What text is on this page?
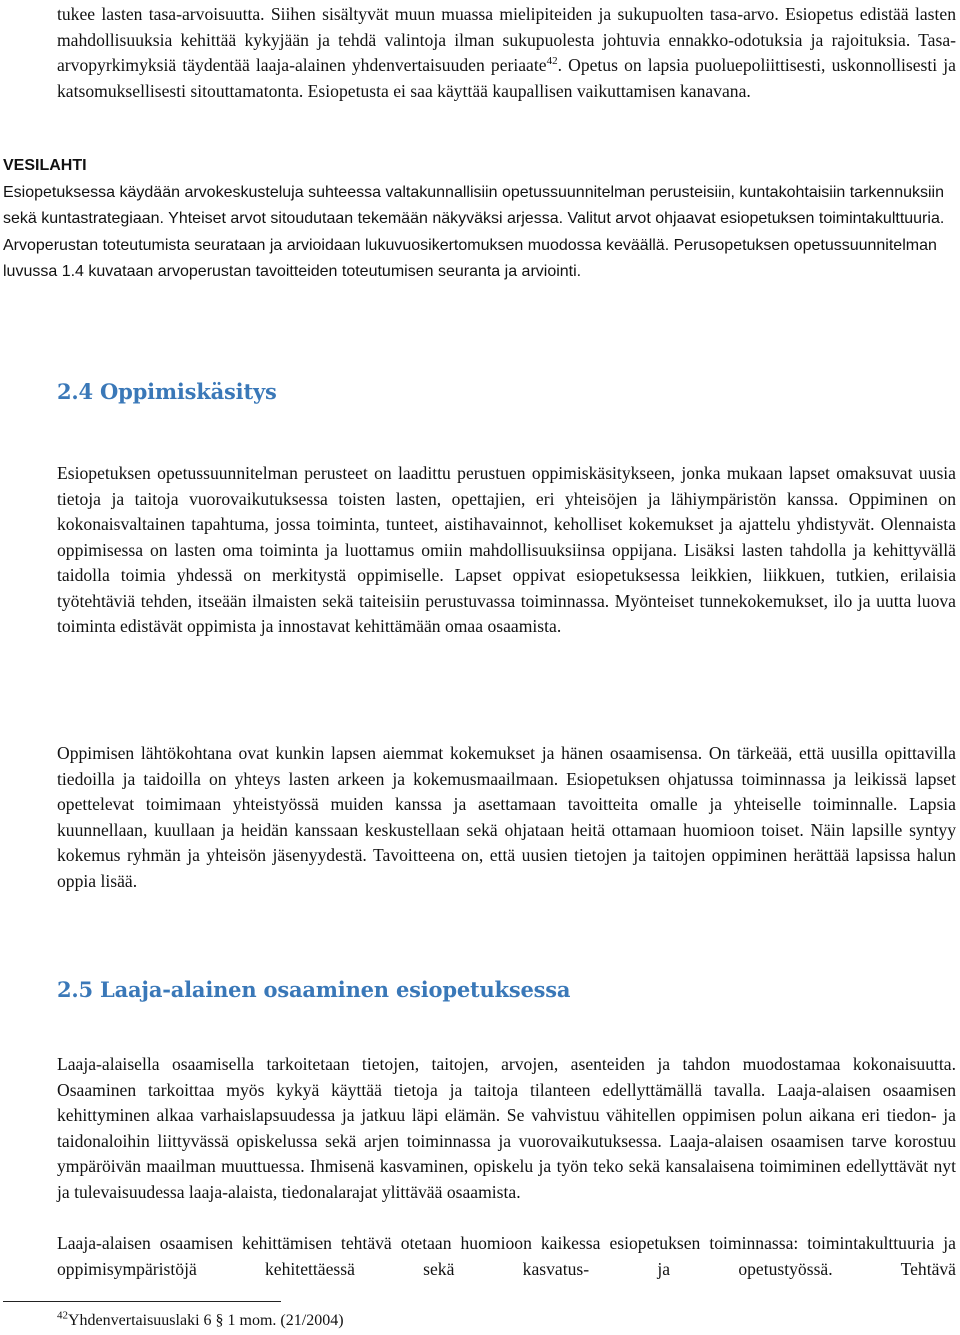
tukee lasten tasa-arvoisuutta. Siihen sisältyvät muun muassa mielipiteiden ja sukupuolten tasa-arvo. Esiopetus edistää lasten mahdollisuuksia kehittää kykyjään ja tehdä valintoja ilman sukupuolesta johtuvia ennakko-odotuksia ja rajoituksia. Tasa-arvopyrkimyksiä täydentää laaja-alainen yhdenvertaisuuden periaate$^{42}$. Opetus on lapsia puoluepoliittisesti, uskonnollisesti ja katsomuksellisesti sitouttamatonta. Esiopetusta ei saa käyttää kaupallisen vaikuttamisen kanavana.

VESILAHTI
Esiopetuksessa käydään arvokeskusteluja suhteessa valtakunnallisiin opetussuunnitelman perusteisiin, kuntakohtaisiin tarkennuksiin sekä kuntastrategiaan. Yhteiset arvot sitoudutaan tekemään näkyväksi arjessa. Valitut arvot ohjaavat esiopetuksen toimintakulttuuria. Arvoperustan toteutumista seurataan ja arvioidaan lukuvuosikertomuksen muodossa keväällä. Perusopetuksen opetussuunnitelman luvussa 1.4 kuvataan arvoperustan tavoitteiden toteutumisen seuranta ja arviointi.
2.4 Oppimiskäsitys

Esiopetuksen opetussuunnitelman perusteet on laadittu perustuen oppimiskäsitykseen, jonka mukaan lapset omaksuvat uusia tietoja ja taitoja vuorovaikutuksessa toisten lasten, opettajien, eri yhteisöjen ja lähiympäristön kanssa. Oppiminen on kokonaisvaltainen tapahtuma, jossa toiminta, tunteet, aistihavainnot, keholliset kokemukset ja ajattelu yhdistyvät. Olennaista oppimisessa on lasten oma toiminta ja luottamus omiin mahdollisuuksiinsa oppijana. Lisäksi lasten tahdolla ja kehittyvällä taidolla toimia yhdessä on merkitystä oppimiselle. Lapset oppivat esiopetuksessa leikkien, liikkuen, tutkien, erilaisia työtehtäviä tehden, itseään ilmaisten sekä taiteisiin perustuvassa toiminnassa. Myönteiset tunnekokemukset, ilo ja uutta luova toiminta edistävät oppimista ja innostavat kehittämään omaa osaamista.

Oppimisen lähtökohtana ovat kunkin lapsen aiemmat kokemukset ja hänen osaamisensa. On tärkeää, että uusilla opittavilla tiedoilla ja taidoilla on yhteys lasten arkeen ja kokemusmaailmaan. Esiopetuksen ohjatussa toiminnassa ja leikissä lapset opettelevat toimimaan yhteistyössä muiden kanssa ja asettamaan tavoitteita omalle ja yhteiselle toiminnalle. Lapsia kuunnellaan, kuullaan ja heidän kanssaan keskustellaan sekä ohjataan heitä ottamaan huomioon toiset. Näin lapsille syntyy kokemus ryhmän ja yhteisön jäsenyydestä. Tavoitteena on, että uusien tietojen ja taitojen oppiminen herättää lapsissa halun oppia lisää.

2.5 Laaja-alainen osaaminen esiopetuksessa

Laaja-alaisella osaamisella tarkoitetaan tietojen, taitojen, arvojen, asenteiden ja tahdon muodostamaa kokonaisuutta. Osaaminen tarkoittaa myös kykyä käyttää tietoja ja taitoja tilanteen edellyttämällä tavalla. Laaja-alaisen osaamisen kehittyminen alkaa varhaislapsuudessa ja jatkuu läpi elämän. Se vahvistuu vähitellen oppimisen polun aikana eri tiedon- ja taidonaloihin liittyvässä opiskelussa sekä arjen toiminnassa ja vuorovaikutuksessa. Laaja-alaisen osaamisen tarve korostuu ympäröivän maailman muuttuessa. Ihmisenä kasvaminen, opiskelu ja työn teko sekä kansalaisena toimiminen edellyttävät nyt ja tulevaisuudessa laaja-alaista, tiedonalarajat ylittävää osaamista.

Laaja-alaisen osaamisen kehittämisen tehtävä otetaan huomioon kaikessa esiopetuksen toiminnassa: toimintakulttuuria ja oppimisympäristöjä kehitettäessä sekä kasvatus- ja opetustyössä. Tehtävä

$^{42}$Yhdenvertaisuuslaki 6 § 1 mom. (21/2004)
